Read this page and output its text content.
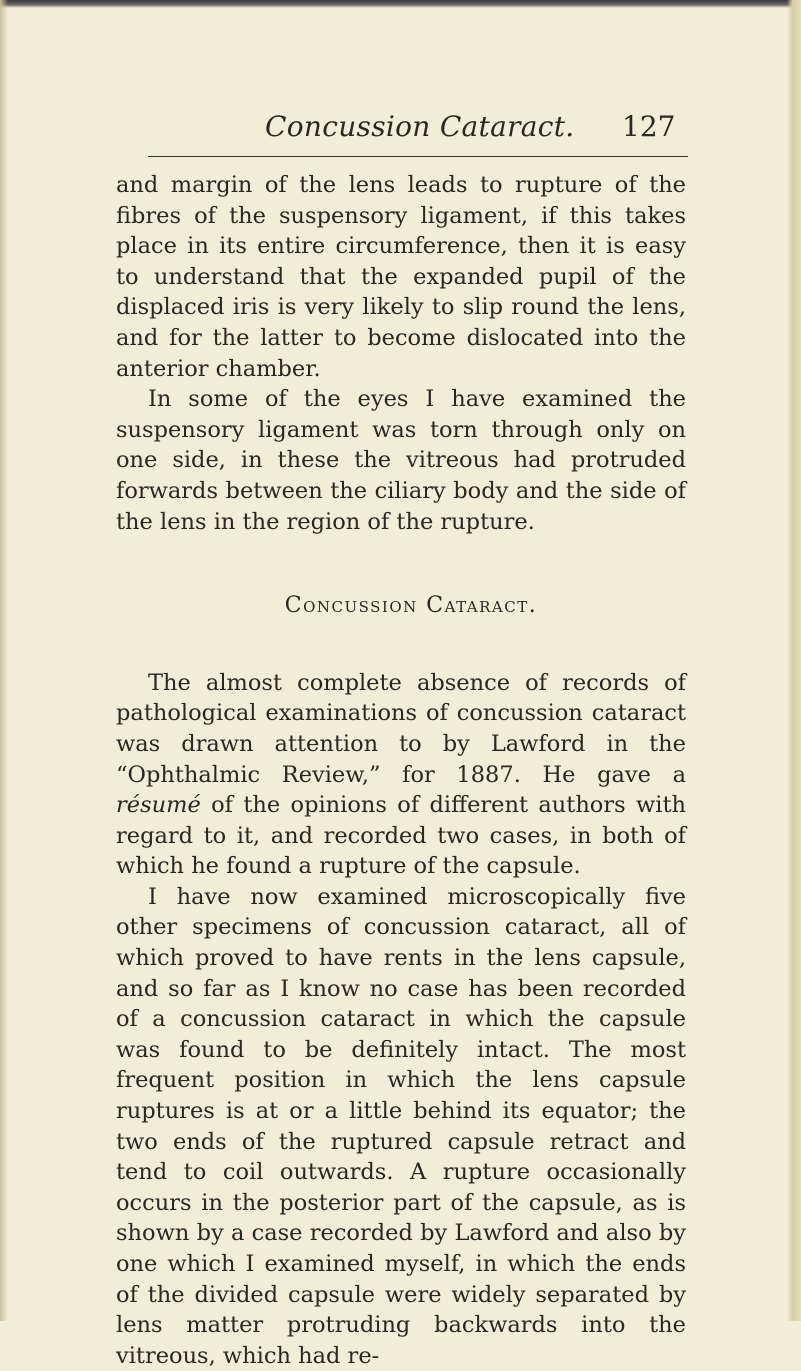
Concussion Cataract. 127

and margin of the lens leads to rupture of the fibres of the suspensory ligament, if this takes place in its entire circumference, then it is easy to understand that the expanded pupil of the displaced iris is very likely to slip round the lens, and for the latter to become dislocated into the anterior chamber.

In some of the eyes I have examined the suspensory ligament was torn through only on one side, in these the vitreous had protruded forwards between the ciliary body and the side of the lens in the region of the rupture.

Concussion Cataract.

The almost complete absence of records of pathological examinations of concussion cataract was drawn attention to by Lawford in the “Ophthalmic Review,” for 1887. He gave a résumé of the opinions of different authors with regard to it, and recorded two cases, in both of which he found a rupture of the capsule.

I have now examined microscopically five other specimens of concussion cataract, all of which proved to have rents in the lens capsule, and so far as I know no case has been recorded of a concussion cataract in which the capsule was found to be definitely intact. The most frequent position in which the lens capsule ruptures is at or a little behind its equator; the two ends of the ruptured capsule retract and tend to coil outwards. A rupture occasionally occurs in the posterior part of the capsule, as is shown by a case recorded by Lawford and also by one which I examined myself, in which the ends of the divided capsule were widely separated by lens matter protruding backwards into the vitreous, which had re-
